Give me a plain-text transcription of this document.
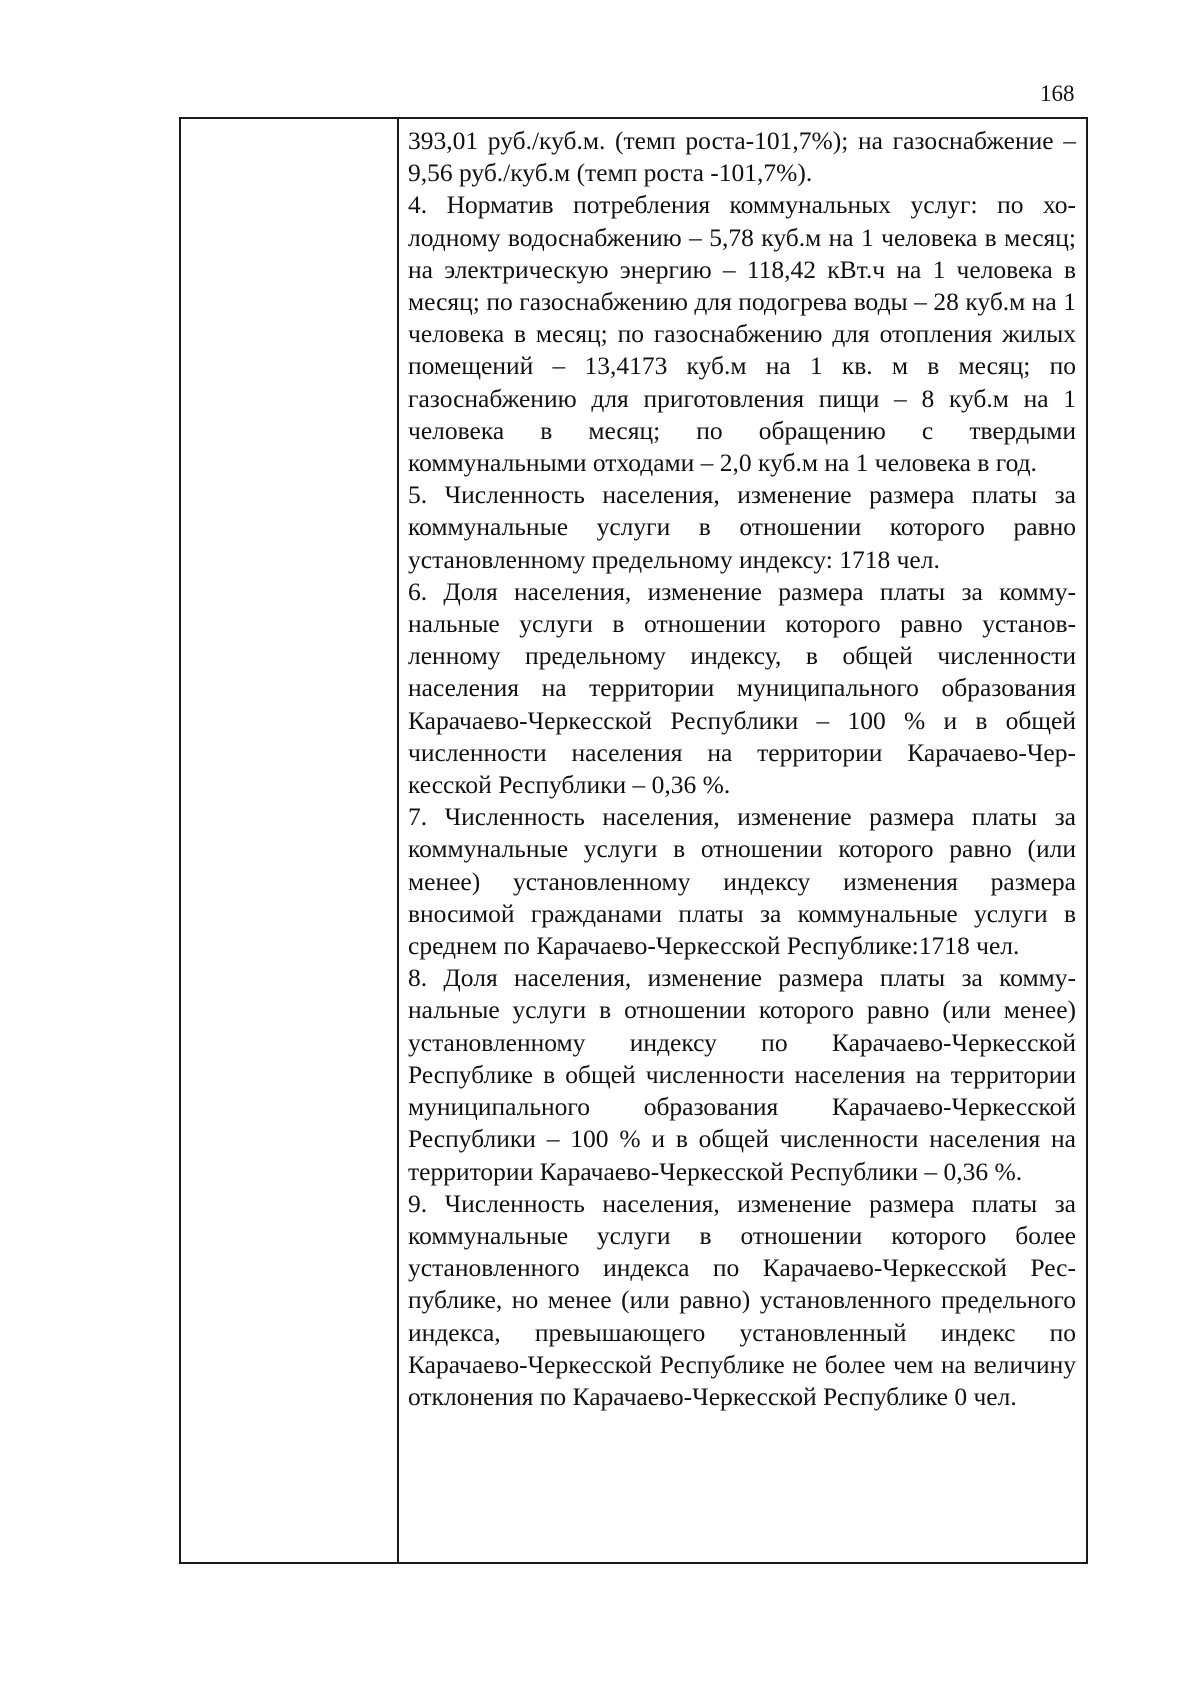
168

393,01 руб./куб.м. (темп роста-101,7%); на газоснабжение – 9,56 руб./куб.м (темп роста -101,7%).

4. Норматив потребления коммунальных услуг: по холодному водоснабжению – 5,78 куб.м на 1 человека в месяц; на электрическую энергию – 118,42 кВт.ч на 1 человека в месяц; по газоснабжению для подогрева воды – 28 куб.м на 1 человека в месяц; по газоснабжению для отопления жилых помещений – 13,4173 куб.м на 1 кв. м в месяц; по газоснабжению для приготовления пищи – 8 куб.м на 1 человека в месяц; по обращению с твердыми коммунальными отходами – 2,0 куб.м на 1 человека в год.

5. Численность населения, изменение размера платы за коммунальные услуги в отношении которого равно установленному предельному индексу: 1718 чел.

6. Доля населения, изменение размера платы за коммунальные услуги в отношении которого равно установленному предельному индексу, в общей численности населения на территории муниципального образования Карачаево-Черкесской Республики – 100 % и в общей численности населения на территории Карачаево-Черкесской Республики – 0,36 %.

7. Численность населения, изменение размера платы за коммунальные услуги в отношении которого равно (или менее) установленному индексу изменения размера вносимой гражданами платы за коммунальные услуги в среднем по Карачаево-Черкесской Республике:1718 чел.

8. Доля населения, изменение размера платы за коммунальные услуги в отношении которого равно (или менее) установленному индексу по Карачаево-Черкесской Республике в общей численности населения на территории муниципального образования Карачаево-Черкесской Республики – 100 % и в общей численности населения на территории Карачаево-Черкесской Республики – 0,36 %.

9. Численность населения, изменение размера платы за коммунальные услуги в отношении которого более установленного индекса по Карачаево-Черкесской Республике, но менее (или равно) установленного предельного индекса, превышающего установленный индекс по Карачаево-Черкесской Республике не более чем на величину отклонения по Карачаево-Черкесской Республике 0 чел.
